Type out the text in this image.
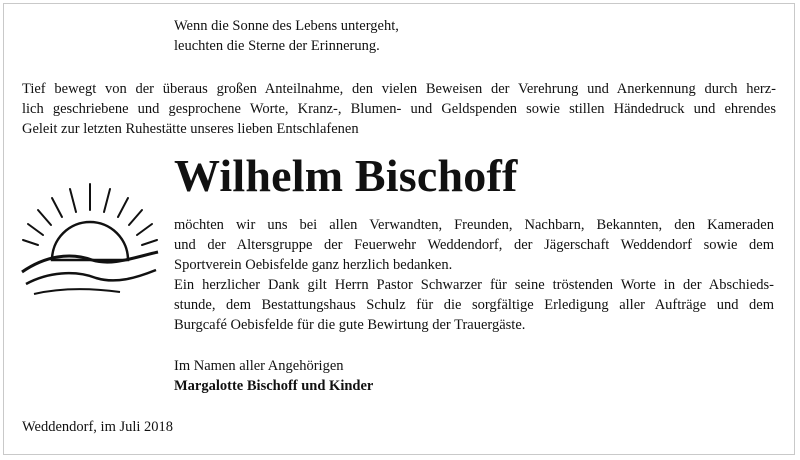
Wenn die Sonne des Lebens untergeht,
leuchten die Sterne der Erinnerung.
Tief bewegt von der überaus großen Anteilnahme, den vielen Beweisen der Verehrung und Anerkennung durch herz-
lich geschriebene und gesprochene Worte, Kranz-, Blumen- und Geldspenden sowie stillen Händedruck und ehrendes
Geleit zur letzten Ruhestätte unseres lieben Entschlafenen
Wilhelm Bischoff
möchten wir uns bei allen Verwandten, Freunden, Nachbarn, Bekannten, den Kameraden
und der Altersgruppe der Feuerwehr Weddendorf, der Jägerschaft Weddendorf sowie dem
Sportverein Oebisfelde ganz herzlich bedanken.
Ein herzlicher Dank gilt Herrn Pastor Schwarzer für seine tröstenden Worte in der Abschieds-
stunde, dem Bestattungshaus Schulz für die sorgfältige Erledigung aller Aufträge und dem
Burgcafé Oebisfelde für die gute Bewirtung der Trauergäste.
Im Namen aller Angehörigen
Margalotte Bischoff und Kinder
Weddendorf, im Juli 2018
